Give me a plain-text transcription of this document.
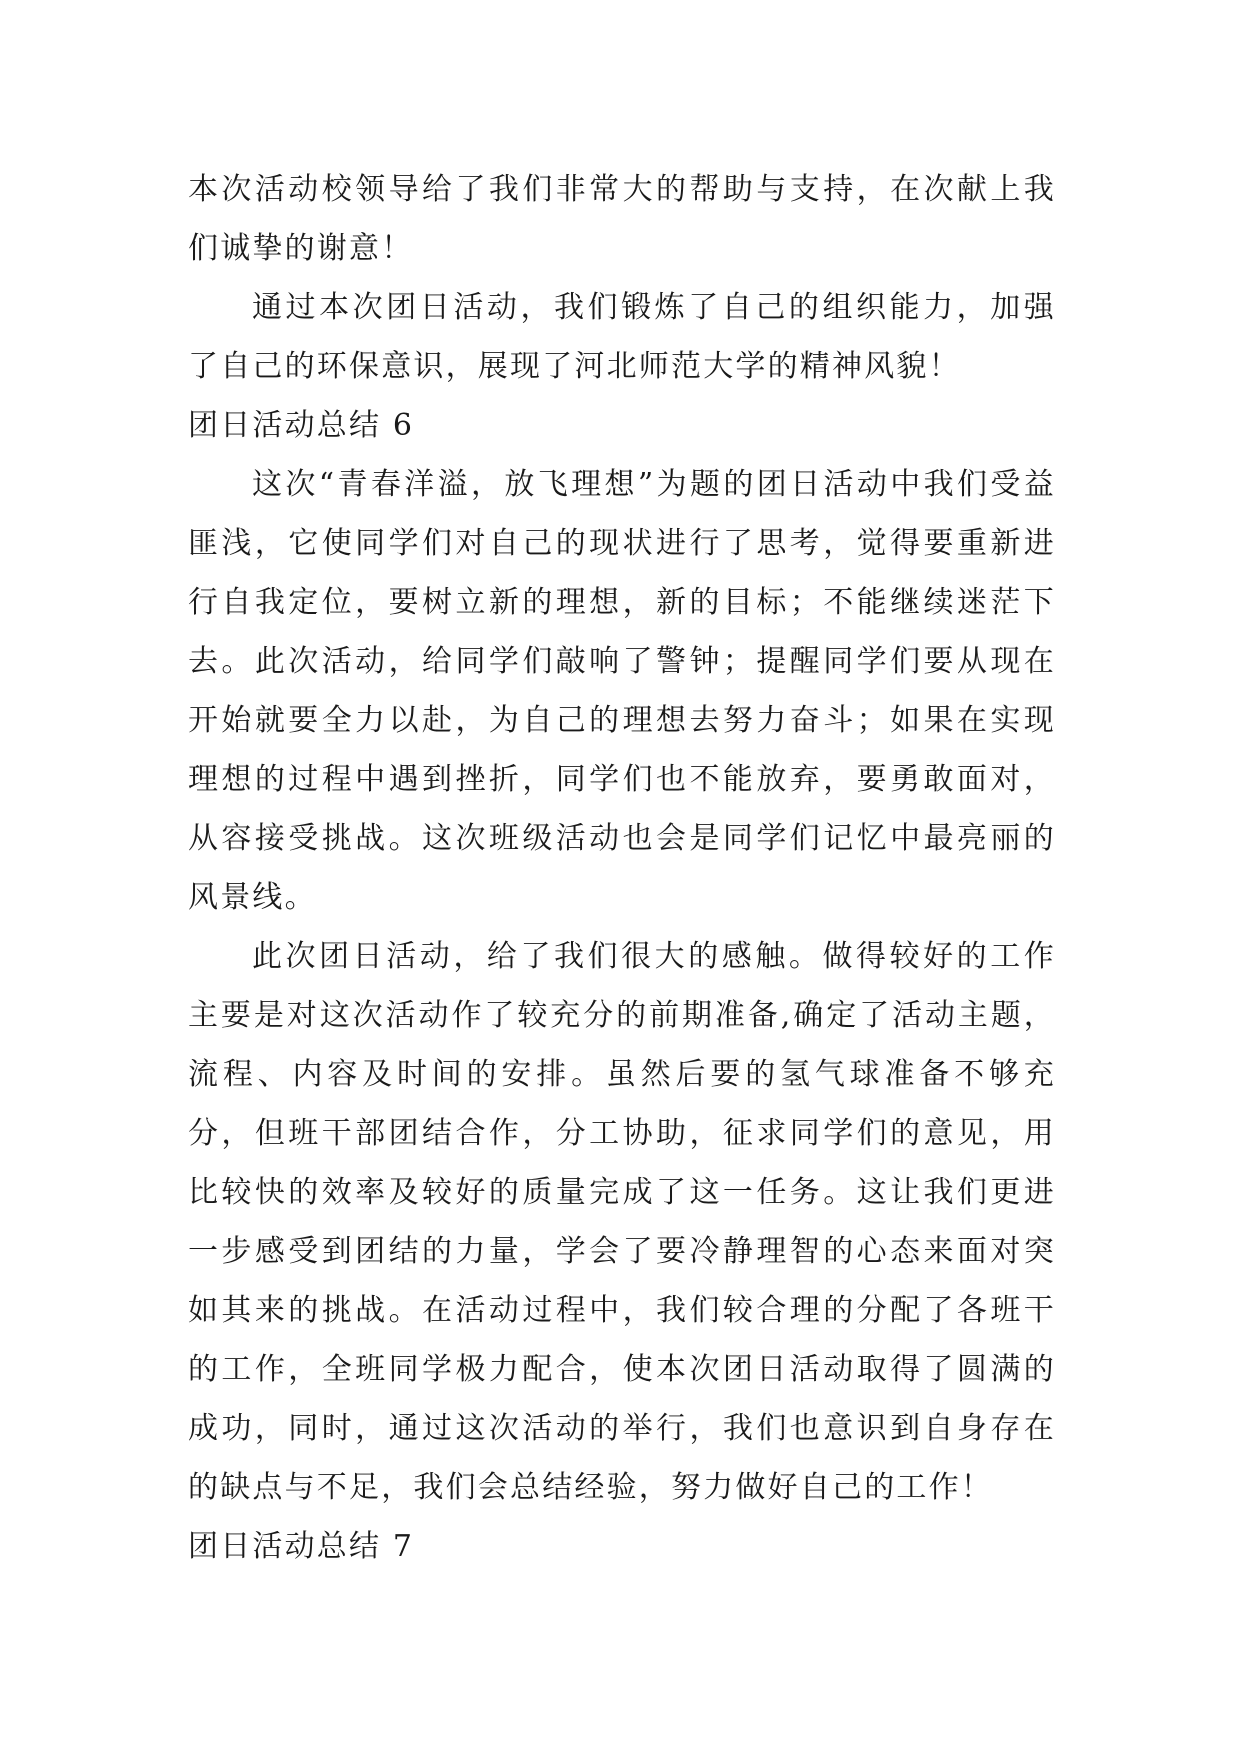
本次活动校领导给了我们非常大的帮助与支持，在次献上我们诚挚的谢意！

通过本次团日活动，我们锻炼了自己的组织能力，加强了自己的环保意识，展现了河北师范大学的精神风貌！

团日活动总结 6

这次“青春洋溢，放飞理想”为题的团日活动中我们受益匪浅，它使同学们对自己的现状进行了思考，觉得要重新进行自我定位，要树立新的理想，新的目标；不能继续迷茫下去。此次活动，给同学们敲响了警钟；提醒同学们要从现在开始就要全力以赴，为自己的理想去努力奋斗；如果在实现理想的过程中遇到挫折，同学们也不能放弃，要勇敢面对，从容接受挑战。这次班级活动也会是同学们记忆中最亮丽的风景线。

此次团日活动，给了我们很大的感触。做得较好的工作主要是对这次活动作了较充分的前期准备,确定了活动主题，流程、内容及时间的安排。虽然后要的氢气球准备不够充分，但班干部团结合作，分工协助，征求同学们的意见，用比较快的效率及较好的质量完成了这一任务。这让我们更进一步感受到团结的力量，学会了要冷静理智的心态来面对突如其来的挑战。在活动过程中，我们较合理的分配了各班干的工作，全班同学极力配合，使本次团日活动取得了圆满的成功，同时，通过这次活动的举行，我们也意识到自身存在的缺点与不足，我们会总结经验，努力做好自己的工作！

团日活动总结 7
